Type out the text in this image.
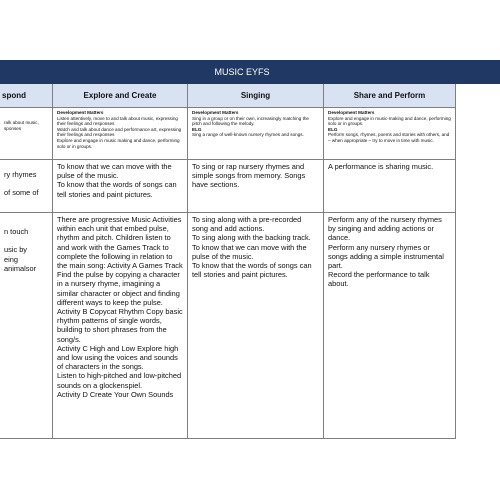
MUSIC EYFS
spond
ralk about music,
sponses
ry rhymes

of some of
n touch

usic by
eing animalsor
Explore and Create
Development Matters
Listen attentively, move to and talk about music, expressing their feelings and responses
Watch and talk about dance and performance art, expressing their feelings and responses
Explore and engage in music making and dance, performing solo or in groups.
To know that we can move with the pulse of the music.
To know that the words of songs can tell stories and paint pictures.
There are progressive Music Activities within each unit that embed pulse, rhythm and pitch. Children listen to and work with the Games Track to complete the following in relation to the main song: Activity A Games Track
Find the pulse by copying a character in a nursery rhyme, imagining a similar character or object and finding different ways to keep the pulse.
Activity B Copycat Rhythm Copy basic rhythm patterns of single words, building to short phrases from the song/s.
Activity C High and Low Explore high and low using the voices and sounds of characters in the songs.
Listen to high-pitched and low-pitched sounds on a glockenspiel.
Activity D Create Your Own Sounds
Singing
Development Matters
Sing in a group or on their own, increasingly matching the pitch and following the melody.
ELG
Sing a range of well-known nursery rhymes and songs.
To sing or rap nursery rhymes and simple songs from memory. Songs have sections.
To sing along with a pre-recorded song and add actions.
To sing along with the backing track.
To know that we can move with the pulse of the music.
To know that the words of songs can tell stories and paint pictures.
Share and Perform
Development Matters
Explore and engage in music-making and dance, performing solo or in groups.
ELG
Perform songs, rhymes, poems and stories with others, and – when appropriate – try to move in time with music.
A performance is sharing music.
Perform any of the nursery rhymes by singing and adding actions or dance.
Perform any nursery rhymes or songs adding a simple instrumental part.
Record the performance to talk about.
